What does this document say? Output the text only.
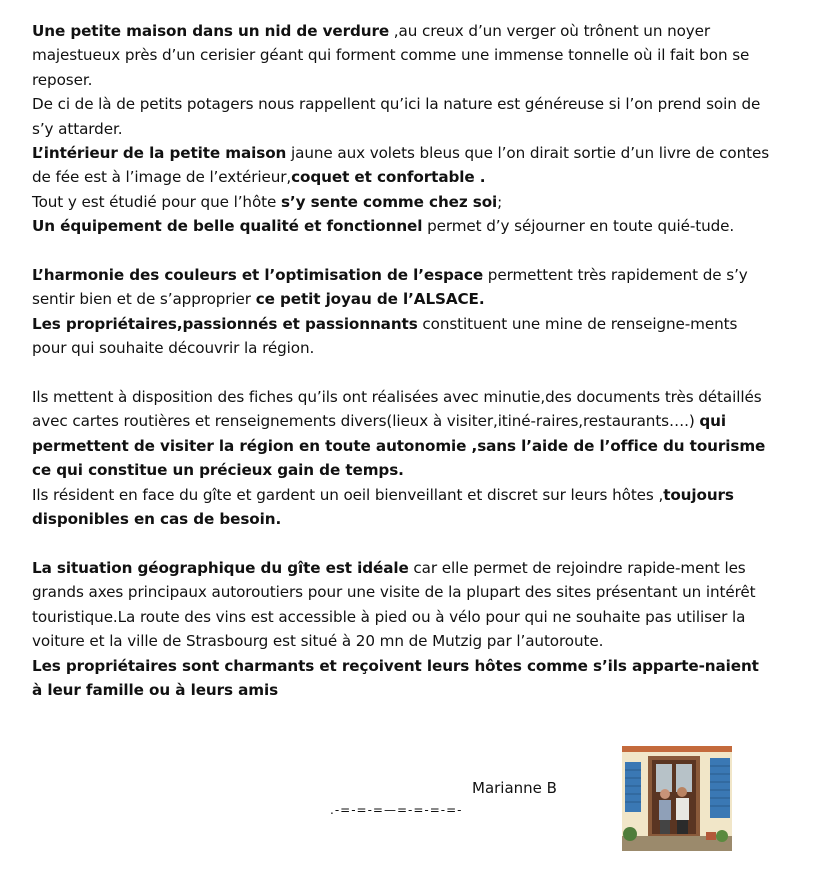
Une petite maison dans un nid de verdure ,au creux d’un verger où trônent un noyer majestueux près d’un cerisier géant qui forment comme une immense tonnelle où il fait bon se reposer.

De ci de là de petits potagers nous rappellent qu’ici la nature est généreuse si l’on prend soin de s’y attarder.

L’intérieur de la petite maison jaune aux volets bleus que l’on dirait sortie d’un livre de contes de fée est à l’image de l’extérieur,coquet et confortable .

Tout y est étudié pour que l’hôte s’y sente comme chez soi;

Un équipement de belle qualité et fonctionnel permet d’y séjourner en toute quié-tude.

L’harmonie des couleurs et l’optimisation de l’espace permettent très rapidement de s’y sentir bien et de s’approprier ce petit joyau de l’ALSACE.

Les propriétaires,passionnés et passionnants constituent une mine de renseigne-ments pour qui souhaite découvrir la région.

Ils mettent à disposition des fiches qu’ils ont réalisées avec minutie,des documents très détaillés avec cartes routières et renseignements divers(lieux à visiter,itiné-raires,restaurants….) qui permettent de visiter la région en toute autonomie ,sans l’aide de l’office du tourisme ce qui constitue un précieux gain de temps.

Ils résident en face du gîte et gardent un oeil bienveillant et discret sur leurs hôtes ,toujours disponibles en cas de besoin.

La situation géographique du gîte est idéale car elle permet de rejoindre rapide-ment les grands axes principaux autoroutiers pour une visite de la plupart des sites présentant un intérêt touristique.La route des vins est accessible à pied ou à vélo pour qui ne souhaite pas utiliser la voiture et la ville de Strasbourg est situé à 20 mn de Mutzig par l’autoroute.

Les propriétaires sont charmants et reçoivent leurs hôtes comme s’ils apparte-naient à leur famille ou à leurs amis

Marianne B
.-=-=-=—=-=-=-=-
